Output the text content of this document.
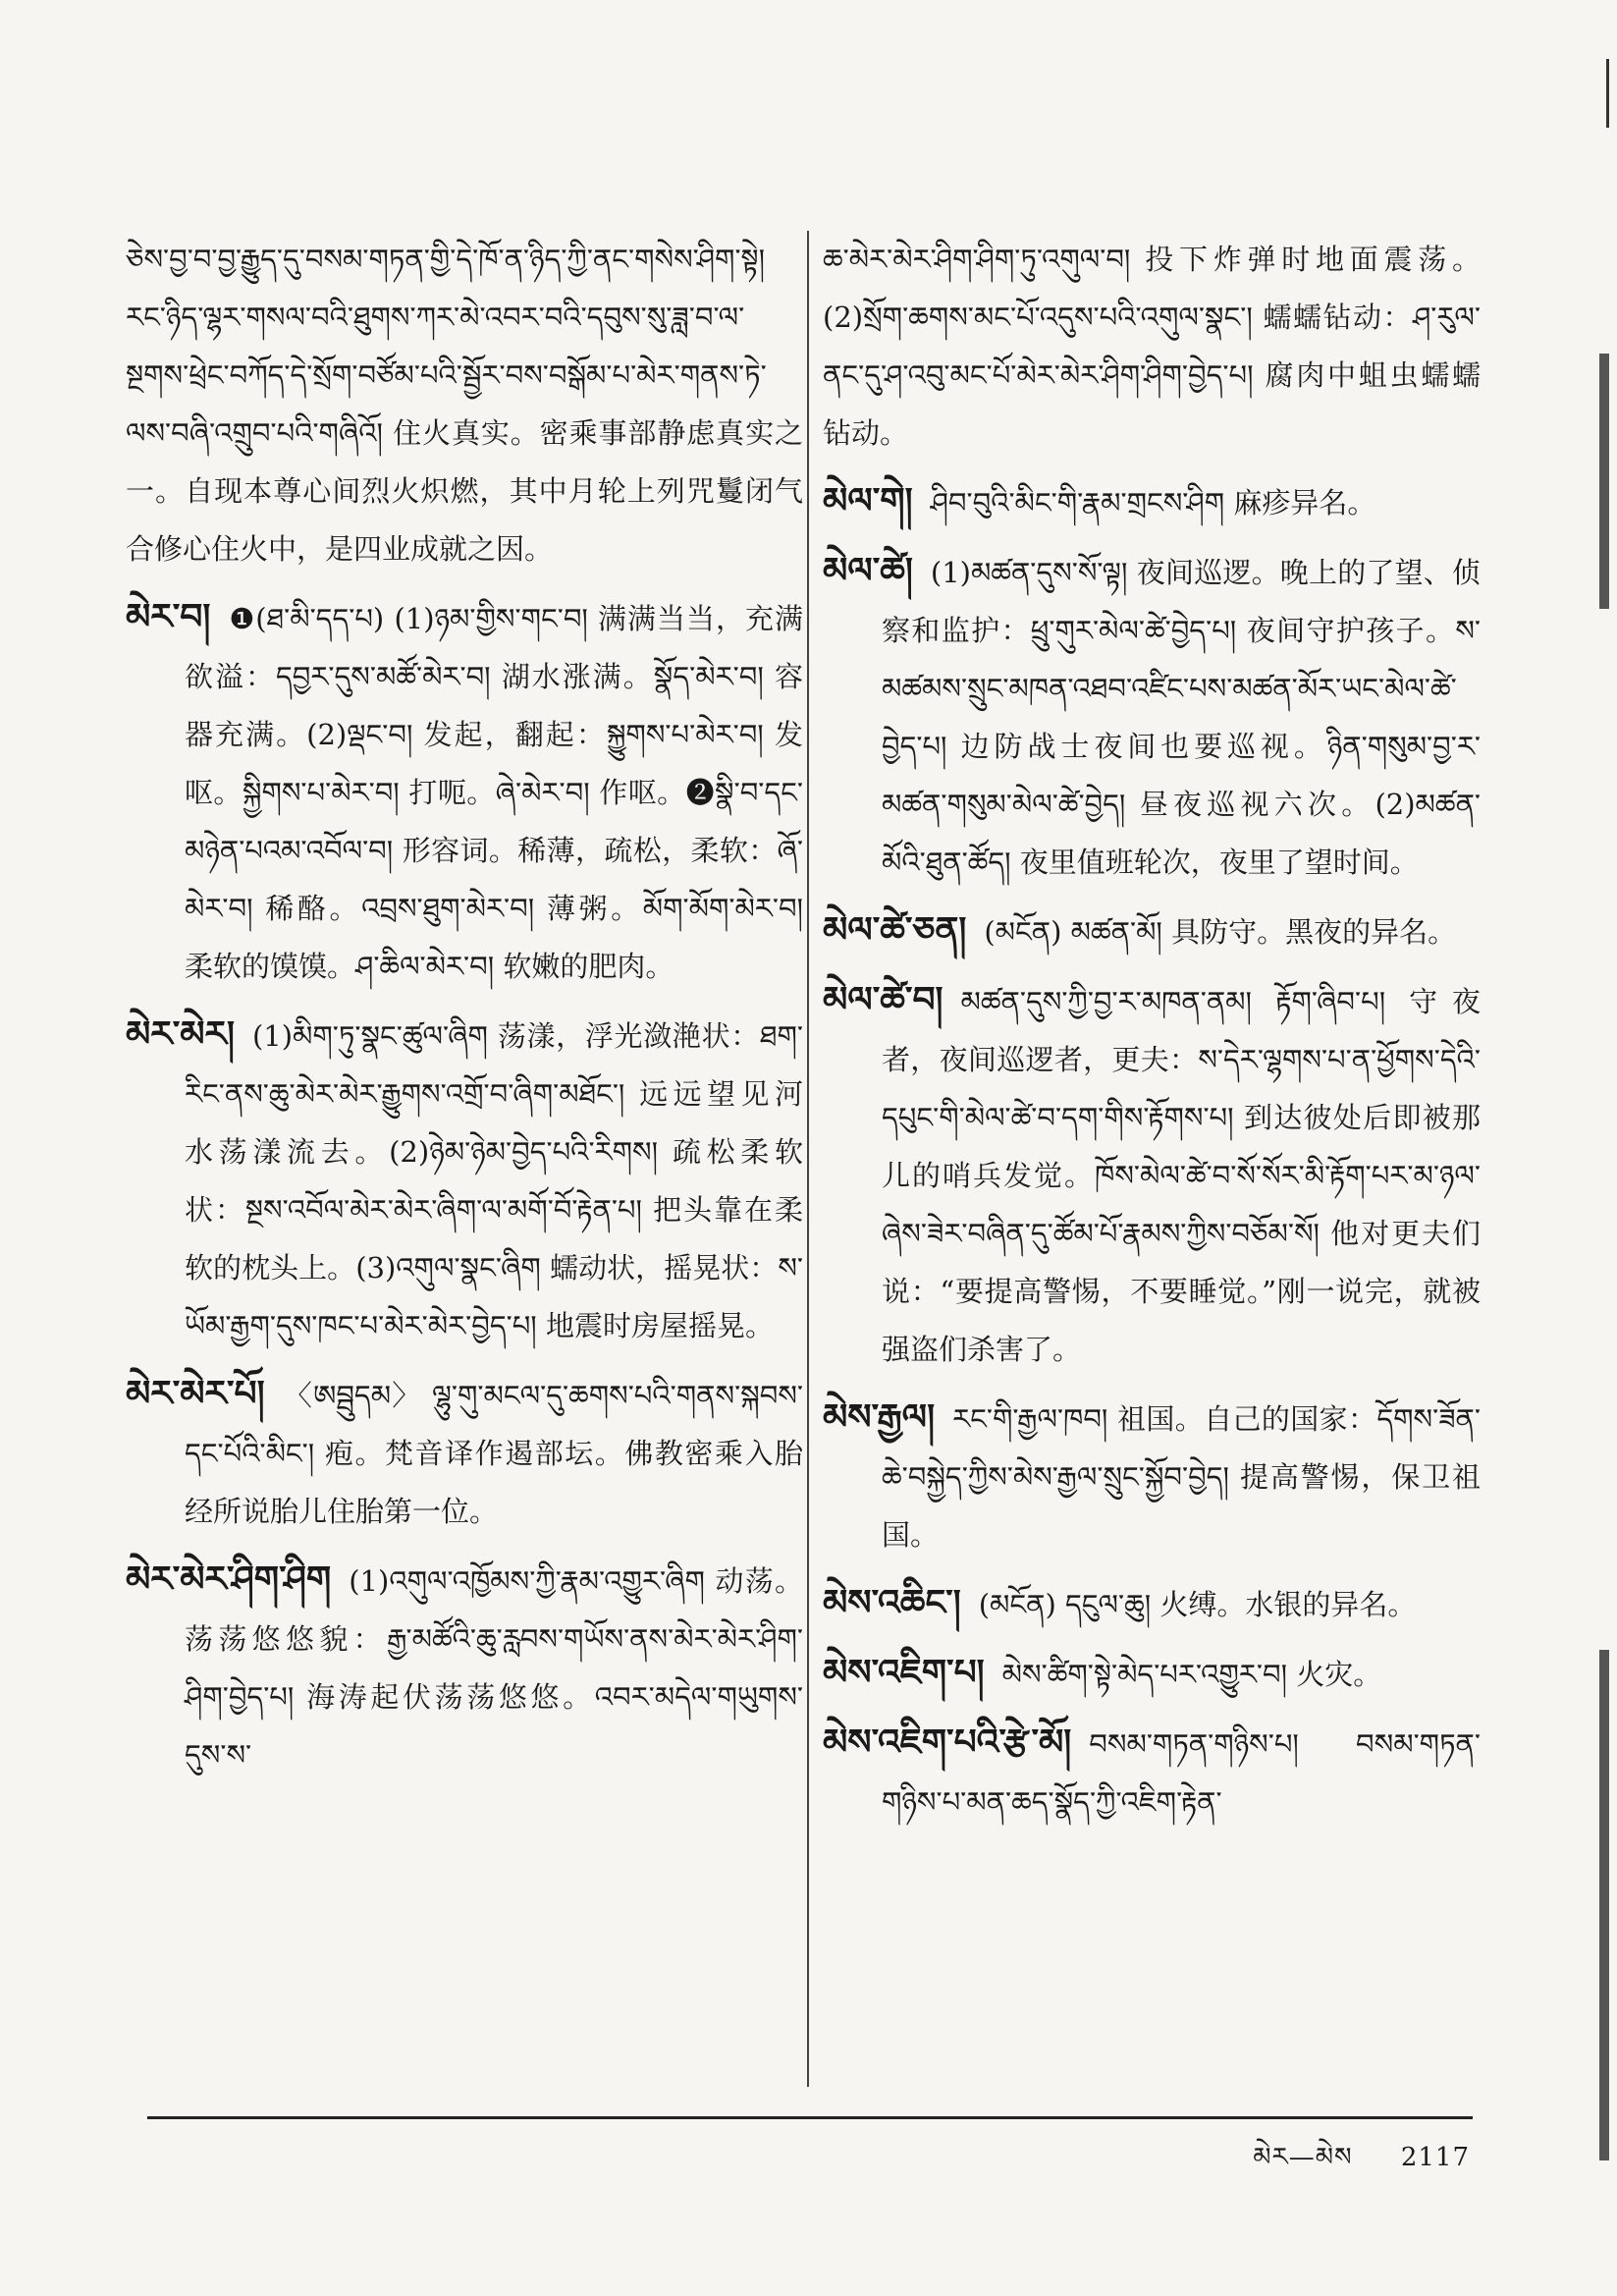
ཅེས་བྱ་བ་བྱ་རྒྱུད་དུ་བསམ་གཏན་གྱི་དེ་ཁོ་ན་ཉིད་ཀྱི་ནང་གསེས་ཤིག་སྟེ། རང་ཉིད་ལྷར་གསལ་བའི་ཐུགས་ཀར་མེ་འབར་བའི་དབུས་སུ་ཟླ་བ་ལ་སྔགས་ཕྲེང་བཀོད་དེ་སྲོག་བཙོམ་པའི་སྦྱོར་བས་བསྒོམ་པ་མེར་གནས་ཏེ་ལས་བཞི་འགྲུབ་པའི་གཞིའོ། 住火真实。密乘事部静虑真实之一。自现本尊心间烈火炽燃，其中月轮上列咒鬘闭气合修心住火中，是四业成就之因。
མེར་བ། ❶(ཐ་མི་དད་པ) (1)ཉམ་གྱིས་གང་བ། 满满当当，充满欲溢：དབྱར་དུས་མཚོ་མེར་བ། 湖水涨满。སྣོད་མེར་བ། 容器充满。(2)ལྡང་བ། 发起，翻起：སྐྱུགས་པ་མེར་བ། 发呕。སྐྱིགས་པ་མེར་བ། 打呃。ཞེ་མེར་བ། 作呕。❷སྣི་བ་དང་མཉེན་པའམ་འབོལ་བ། 形容词。稀薄，疏松，柔软：ཞོ་མེར་བ། 稀酪。འབྲས་ཐུག་མེར་བ། 薄粥。མོག་མོག་མེར་བ། 柔软的馍馍。ཤ་ཆིལ་མེར་བ། 软嫩的肥肉。
མེར་མེར། (1)མིག་ཏུ་སྣང་ཚུལ་ཞིག 荡漾，浮光潋滟状：ཐག་རིང་ནས་ཆུ་མེར་མེར་རྒྱུགས་འགྲོ་བ་ཞིག་མཐོང་། 远远望见河水荡漾流去。(2)ཉེམ་ཉེམ་བྱེད་པའི་རིགས། 疏松柔软状：སྔས་འབོལ་མེར་མེར་ཞིག་ལ་མགོ་བོ་རྟེན་པ། 把头靠在柔软的枕头上。(3)འགུལ་སྣང་ཞིག 蠕动状，摇晃状：ས་ཡོམ་རྒྱག་དུས་ཁང་པ་མེར་མེར་བྱེད་པ། 地震时房屋摇晃。
མེར་མེར་པོ། 〈ཨབྦུདམ〉 ལྷུ་གུ་མངལ་དུ་ཆགས་པའི་གནས་སྐབས་དང་པོའི་མིང་། 疱。梵音译作遏部坛。佛教密乘入胎经所说胎儿住胎第一位。
མེར་མེར་ཤིག་ཤིག (1)འགུལ་འཁྱོམས་ཀྱི་རྣམ་འགྱུར་ཞིག 动荡。荡荡悠悠貌：རྒྱ་མཚོའི་ཆུ་རླབས་གཡོས་ནས་མེར་མེར་ཤིག་ཤིག་བྱེད་པ། 海涛起伏荡荡悠悠。འབར་མདེལ་གཡུགས་དུས་ས་
ཆ་མེར་མེར་ཤིག་ཤིག་ཏུ་འགུལ་བ། 投下炸弹时地面震荡。(2)སྲོག་ཆགས་མང་པོ་འདུས་པའི་འགུལ་སྣང་། 蠕蠕钻动：ཤ་རུལ་ནང་དུ་ཤ་འབུ་མང་པོ་མེར་མེར་ཤིག་ཤིག་བྱེད་པ། 腐肉中蛆虫蠕蠕钻动。
མེལ་གེ། ཤིབ་བུའི་མིང་གི་རྣམ་གྲངས་ཤིག 麻疹异名。
མེལ་ཚེ། (1)མཚན་དུས་སོ་ལྟ། 夜间巡逻。晚上的了望、侦察和监护：ཕྲུ་གུར་མེལ་ཚེ་བྱེད་པ། 夜间守护孩子。ས་མཚམས་སྲུང་མཁན་འཐབ་འཛིང་པས་མཚན་མོར་ཡང་མེལ་ཚེ་བྱེད་པ། 边防战士夜间也要巡视。ཉིན་གསུམ་བྱ་ར་མཚན་གསུམ་མེལ་ཚེ་བྱེད། 昼夜巡视六次。(2)མཚན་མོའི་ཐུན་ཚོད། 夜里值班轮次，夜里了望时间。
མེལ་ཚེ་ཅན། (མངོན) མཚན་མོ། 具防守。黑夜的异名。
མེལ་ཚེ་བ། མཚན་དུས་ཀྱི་བྱ་ར་མཁན་ནམ། རྟོག་ཞིབ་པ། 守夜者，夜间巡逻者，更夫：ས་དེར་ལྷགས་པ་ན་ཕྱོགས་དེའི་དཔུང་གི་མེལ་ཚེ་བ་དག་གིས་རྟོགས་པ། 到达彼处后即被那儿的哨兵发觉。ཁོས་མེལ་ཚེ་བ་སོ་སོར་མི་རྟོག་པར་མ་ཉལ་ཞེས་ཟེར་བཞིན་དུ་ཚོམ་པོ་རྣམས་ཀྱིས་བཅོམ་སོ། 他对更夫们说：“要提高警惕，不要睡觉。”刚一说完，就被强盗们杀害了。
མེས་རྒྱལ། རང་གི་རྒྱལ་ཁབ། 祖国。自己的国家：དོགས་ཟོན་ཆེ་བསྐྱེད་ཀྱིས་མེས་རྒྱལ་སྲུང་སྐྱོབ་བྱེད། 提高警惕，保卫祖国。
མེས་འཆིང་། (མངོན) དངུལ་ཆུ། 火缚。水银的异名。
མེས་འཇིག་པ། མེས་ཚིག་སྟེ་མེད་པར་འགྱུར་བ། 火灾。
མེས་འཇིག་པའི་རྩེ་མོ། བསམ་གཏན་གཉིས་པ། བསམ་གཏན་གཉིས་པ་མན་ཆད་སྣོད་ཀྱི་འཇིག་རྟེན་
མེར—མེས 2117
